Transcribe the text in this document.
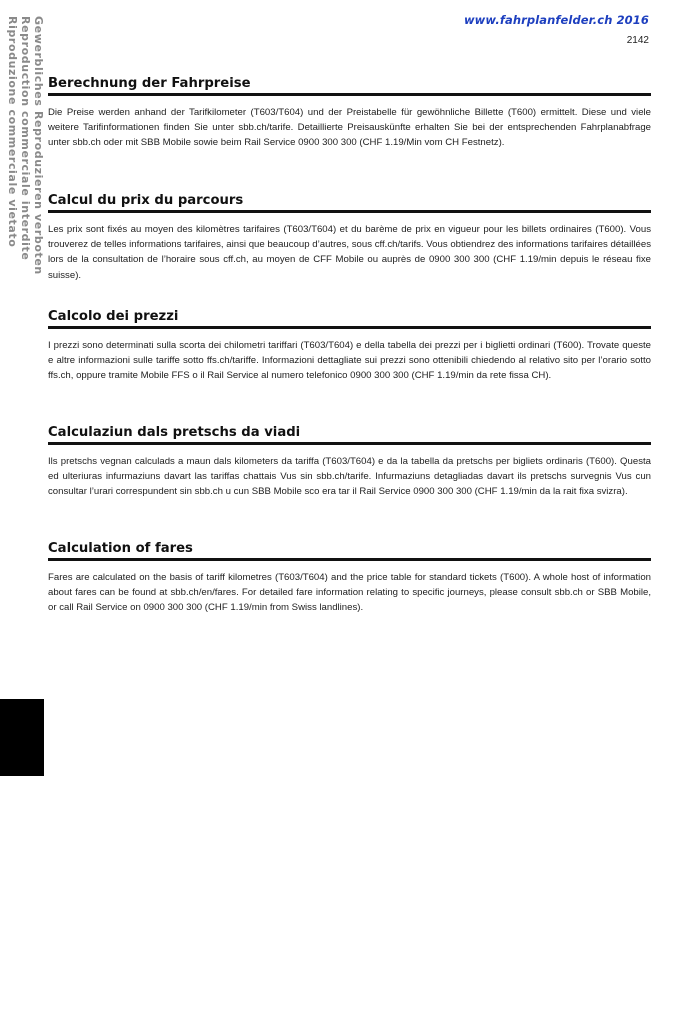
www.fahrplanfelder.ch 2016
2142
Gewerbliches Reproduzieren verboten
Reproduction commerciale interdite
Riproduzione commerciale vietato Berechnung der Fahrpreise

Die Preise werden anhand der Tarifkilometer (T603/T604) und der Preistabelle für gewöhnliche Billette (T600) ermittelt. Diese und viele weitere Tarifinformationen finden Sie unter sbb.ch/tarife. Detaillierte Preisauskünfte erhalten Sie bei der entsprechenden Fahrplanabfrage unter sbb.ch oder mit SBB Mobile sowie beim Rail Service 0900 300 300 (CHF 1.19/Min vom CH Festnetz).

Calcul du prix du parcours

Les prix sont fixés au moyen des kilomètres tarifaires (T603/T604) et du barème de prix en vigueur pour les billets ordinaires (T600). Vous trouverez de telles informations tarifaires, ainsi que beaucoup d’autres, sous cff.ch/tarifs. Vous obtiendrez des informations tarifaires détaillées lors de la consultation de l’horaire sous cff.ch, au moyen de CFF Mobile ou auprès de 0900 300 300 (CHF 1.19/min depuis le réseau fixe suisse).

Calcolo dei prezzi

I prezzi sono determinati sulla scorta dei chilometri tariffari (T603/T604) e della tabella dei prezzi per i biglietti ordinari (T600). Trovate queste e altre informazioni sulle tariffe sotto ffs.ch/tariffe. Informazioni dettagliate sui prezzi sono ottenibili chiedendo al relativo sito per l’orario sotto ffs.ch, oppure tramite Mobile FFS o il Rail Service al numero telefonico 0900 300 300 (CHF 1.19/min da rete fissa CH).

Calculaziun dals pretschs da viadi

Ils pretschs vegnan calculads a maun dals kilometers da tariffa (T603/T604) e da la tabella da pretschs per bigliets ordinaris (T600). Questa ed ulteriuras infurmaziuns davart las tariffas chattais Vus sin sbb.ch/tarife. Infurmaziuns detagliadas davart ils pretschs survegnis Vus cun consultar l’urari correspundent sin sbb.ch u cun SBB Mobile sco era tar il Rail Service 0900 300 300 (CHF 1.19/min da la rait fixa svizra).

Calculation of fares

Fares are calculated on the basis of tariff kilometres (T603/T604) and the price table for standard tickets (T600). A whole host of information about fares can be found at sbb.ch/en/fares. For detailed fare information relating to specific journeys, please consult sbb.ch or SBB Mobile, or call Rail Service on 0900 300 300 (CHF 1.19/min from Swiss landlines).
